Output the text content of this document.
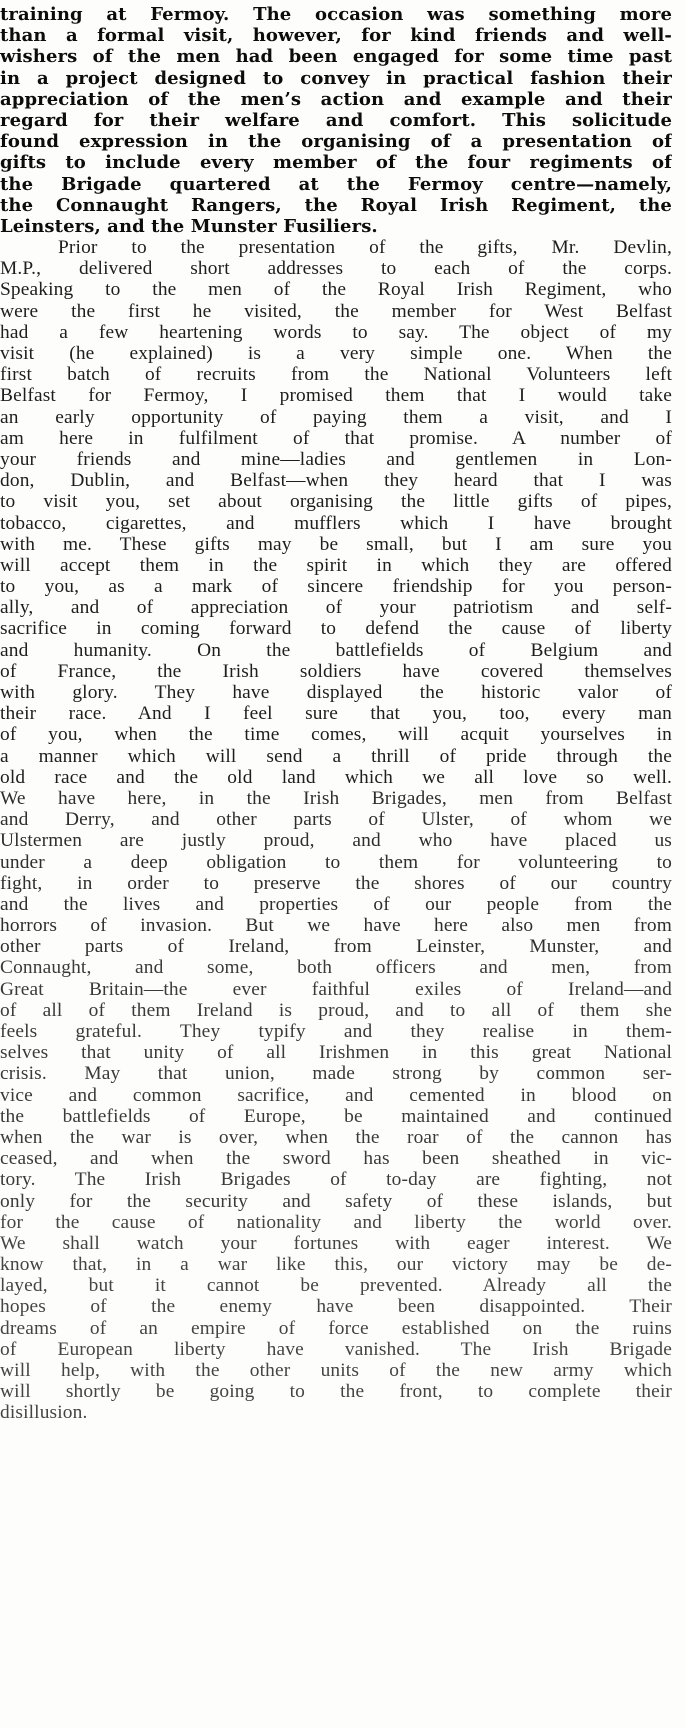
training at Fermoy. The occasion was something more
than a formal visit, however, for kind friends and well-
wishers of the men had been engaged for some time past
in a project designed to convey in practical fashion their
appreciation of the men’s action and example and their
regard for their welfare and comfort. This solicitude
found expression in the organising of a presentation of
gifts to include every member of the four regiments of
the Brigade quartered at the Fermoy centre—namely,
the Connaught Rangers, the Royal Irish Regiment, the
Leinsters, and the Munster Fusiliers.
Prior to the presentation of the gifts, Mr. Devlin,
M.P., delivered short addresses to each of the corps.
Speaking to the men of the Royal Irish Regiment, who
were the first he visited, the member for West Belfast
had a few heartening words to say. The object of my
visit (he explained) is a very simple one. When the
first batch of recruits from the National Volunteers left
Belfast for Fermoy, I promised them that I would take
an early opportunity of paying them a visit, and I
am here in fulfilment of that promise. A number of
your friends and mine—ladies and gentlemen in Lon-
don, Dublin, and Belfast—when they heard that I was
to visit you, set about organising the little gifts of pipes,
tobacco, cigarettes, and mufflers which I have brought
with me. These gifts may be small, but I am sure you
will accept them in the spirit in which they are offered
to you, as a mark of sincere friendship for you person-
ally, and of appreciation of your patriotism and self-
sacrifice in coming forward to defend the cause of liberty
and humanity. On the battlefields of Belgium and
of France, the Irish soldiers have covered themselves
with glory. They have displayed the historic valor of
their race. And I feel sure that you, too, every man
of you, when the time comes, will acquit yourselves in
a manner which will send a thrill of pride through the
old race and the old land which we all love so well.
We have here, in the Irish Brigades, men from Belfast
and Derry, and other parts of Ulster, of whom we
Ulstermen are justly proud, and who have placed us
under a deep obligation to them for volunteering to
fight, in order to preserve the shores of our country
and the lives and properties of our people from the
horrors of invasion. But we have here also men from
other parts of Ireland, from Leinster, Munster, and
Connaught, and some, both officers and men, from
Great Britain—the ever faithful exiles of Ireland—and
of all of them Ireland is proud, and to all of them she
feels grateful. They typify and they realise in them-
selves that unity of all Irishmen in this great National
crisis. May that union, made strong by common ser-
vice and common sacrifice, and cemented in blood on
the battlefields of Europe, be maintained and continued
when the war is over, when the roar of the cannon has
ceased, and when the sword has been sheathed in vic-
tory. The Irish Brigades of to-day are fighting, not
only for the security and safety of these islands, but
for the cause of nationality and liberty the world over.
We shall watch your fortunes with eager interest. We
know that, in a war like this, our victory may be de-
layed, but it cannot be prevented. Already all the
hopes of the enemy have been disappointed. Their
dreams of an empire of force established on the ruins
of European liberty have vanished. The Irish Brigade
will help, with the other units of the new army which
will shortly be going to the front, to complete their
disillusion.
